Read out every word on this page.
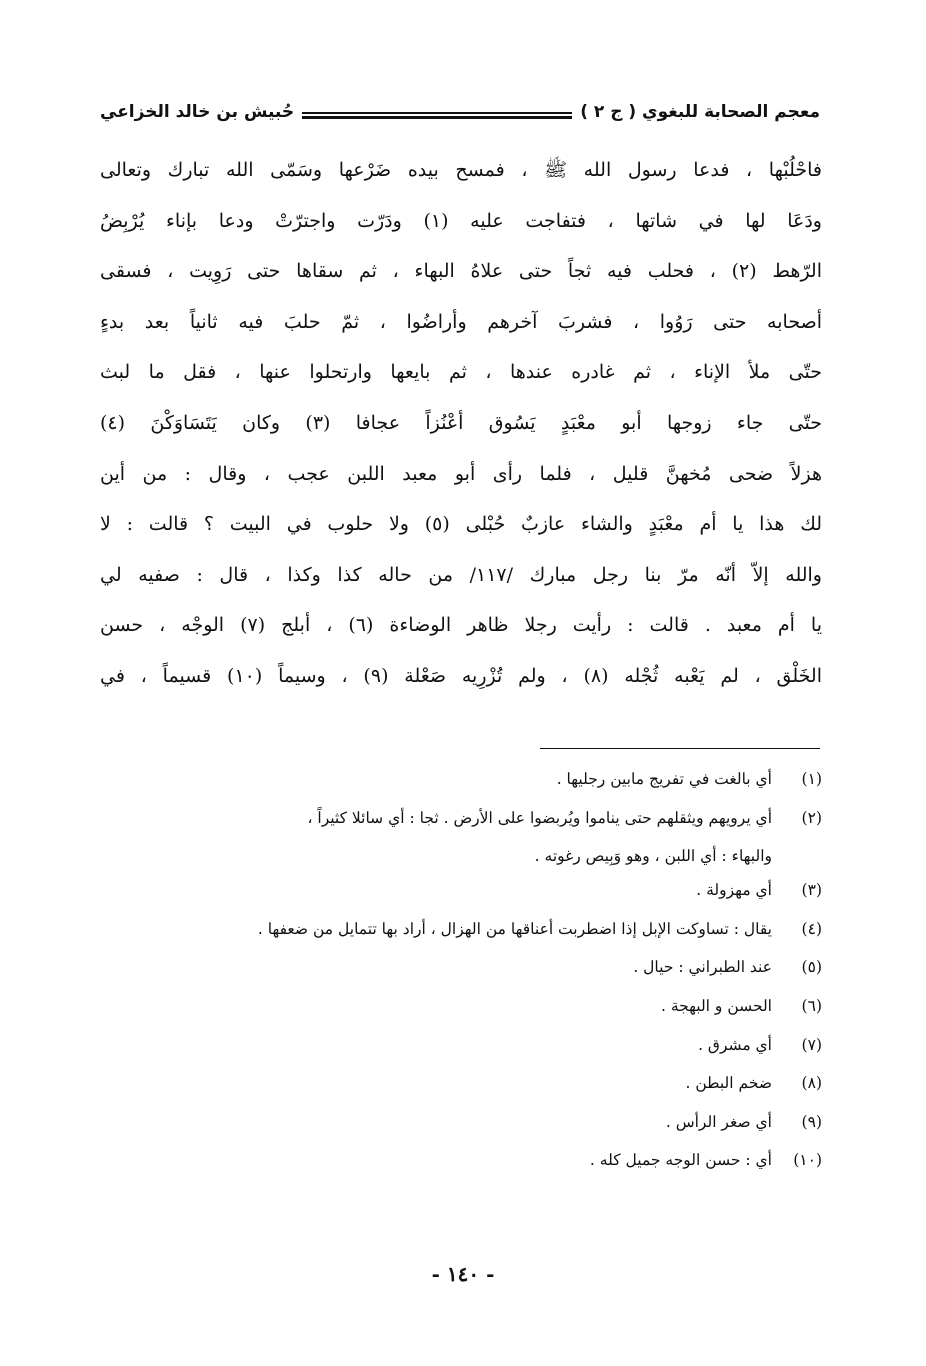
معجم الصحابة للبغوي ( ج ٢ )
حُبيش بن خالد الخزاعي
فاحْلُبْها ، فدعا رسول الله ﷺ ، فمسح بيده ضَرْعها وسَمّى الله تبارك وتعالى
ودَعَا لها في شاتها ، فتفاجت عليه (١) ودَرّت واجترّتْ ودعا بإناء يُرْبِضُ
الرّهط (٢) ، فحلب فيه ثجاً حتى علاهُ البهاء ، ثم سقاها حتى رَوِيت ، فسقى
أصحابه حتى رَوُوا ، فشربَ آخرهم وأراضُوا ، ثمّ حلبَ فيه ثانياً بعد بدءٍ
حتّى ملأ الإناء ، ثم غادره عندها ، ثم بايعها وارتحلوا عنها ، فقل ما لبث
حتّى جاء زوجها أبو معْبَدٍ يَسُوق أعْنُزاً عجافا (٣) وكان يَتَسَاوَكْنَ (٤)
هزلاً ضحى مُخهنَّ قليل ، فلما رأى أبو معبد اللبن عجب ، وقال : من أين
لك هذا يا أم معْبَدٍ والشاء عازبٌ حُبْلى (٥) ولا حلوب في البيت ؟ قالت : لا
والله إلاّ أنّه مرّ بنا رجل مبارك /١١٧/ من حاله كذا وكذا ، قال : صفيه لي
يا أم معبد . قالت : رأيت رجلا ظاهر الوضاءة (٦) ، أبلج (٧) الوجْه ، حسن
الخَلْق ، لم يَعْبه ثُجْله (٨) ، ولم تُزْرِيه صَعْلة (٩) ، وسيماً (١٠) قسيماً ، في
(١)
أي بالغت في تفريج مابين رجليها .
(٢)
أي يرويهم ويثقلهم حتى يناموا ويُربضوا على الأرض . ثجا : أي سائلا كثيراً ،
والبهاء : أي اللبن ، وهو وَبِيص رغوته .
(٣)
أي مهزولة .
(٤)
يقال : تساوكت الإبل إذا اضطربت أعناقها من الهزال ، أراد بها تتمايل من ضعفها .
(٥)
عند الطبراني : حيال .
(٦)
الحسن و البهجة .
(٧)
أي مشرق .
(٨)
ضخم البطن .
(٩)
أي صغر الرأس .
(١٠)
أي : حسن الوجه جميل كله .
- ١٤٠ -
